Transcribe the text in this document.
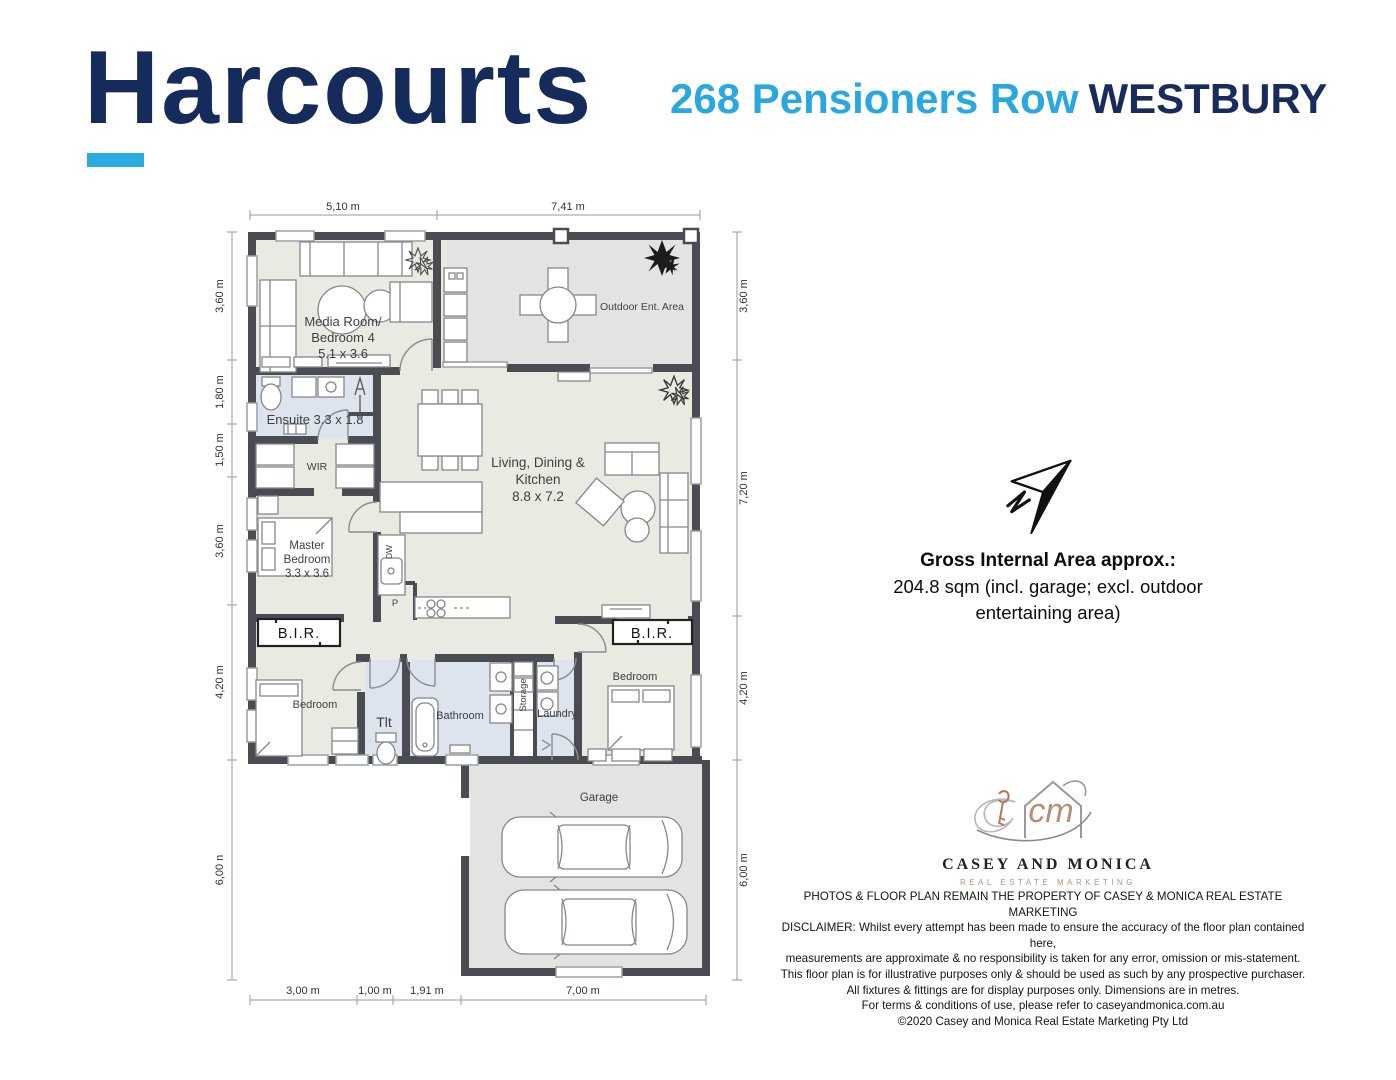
Harcourts 268 Pensioners Row WESTBURY
5,10 m	7,41 m
3,00 m	1,00 m 1,91 m	7,00 m
3,60 m
1,80 m
1,50 m
3,60 m
4,20 m
6,00 n
3,60 m
7,20 m
4,20 m
6,00 m
Media Room/
Bedroom 4
5.1 x 3.6
Outdoor Ent. Area
Ensuite 3.3 x 1.8
WIR
Master
Bedroom
3.3 x 3.6
Living, Dining &
Kitchen
8.8 x 7.2
DW
P
B.I.R.	B.I.R.
Bedroom
Tlt	Bathroom
Storage
Laundry
Bedroom
Garage
Gross Internal Area approx.:
204.8 sqm (incl. garage; excl. outdoor
entertaining area)
cm
CASEY AND MONICA
REAL ESTATE MARKETING
PHOTOS & FLOOR PLAN REMAIN THE PROPERTY OF CASEY & MONICA REAL ESTATE MARKETING
DISCLAIMER: Whilst every attempt has been made to ensure the accuracy of the floor plan contained here,
measurements are approximate & no responsibility is taken for any error, omission or mis-statement.
This floor plan is for illustrative purposes only & should be used as such by any prospective purchaser.
All fixtures & fittings are for display purposes only. Dimensions are in metres.
For terms & conditions of use, please refer to caseyandmonica.com.au
©2020 Casey and Monica Real Estate Marketing Pty Ltd
